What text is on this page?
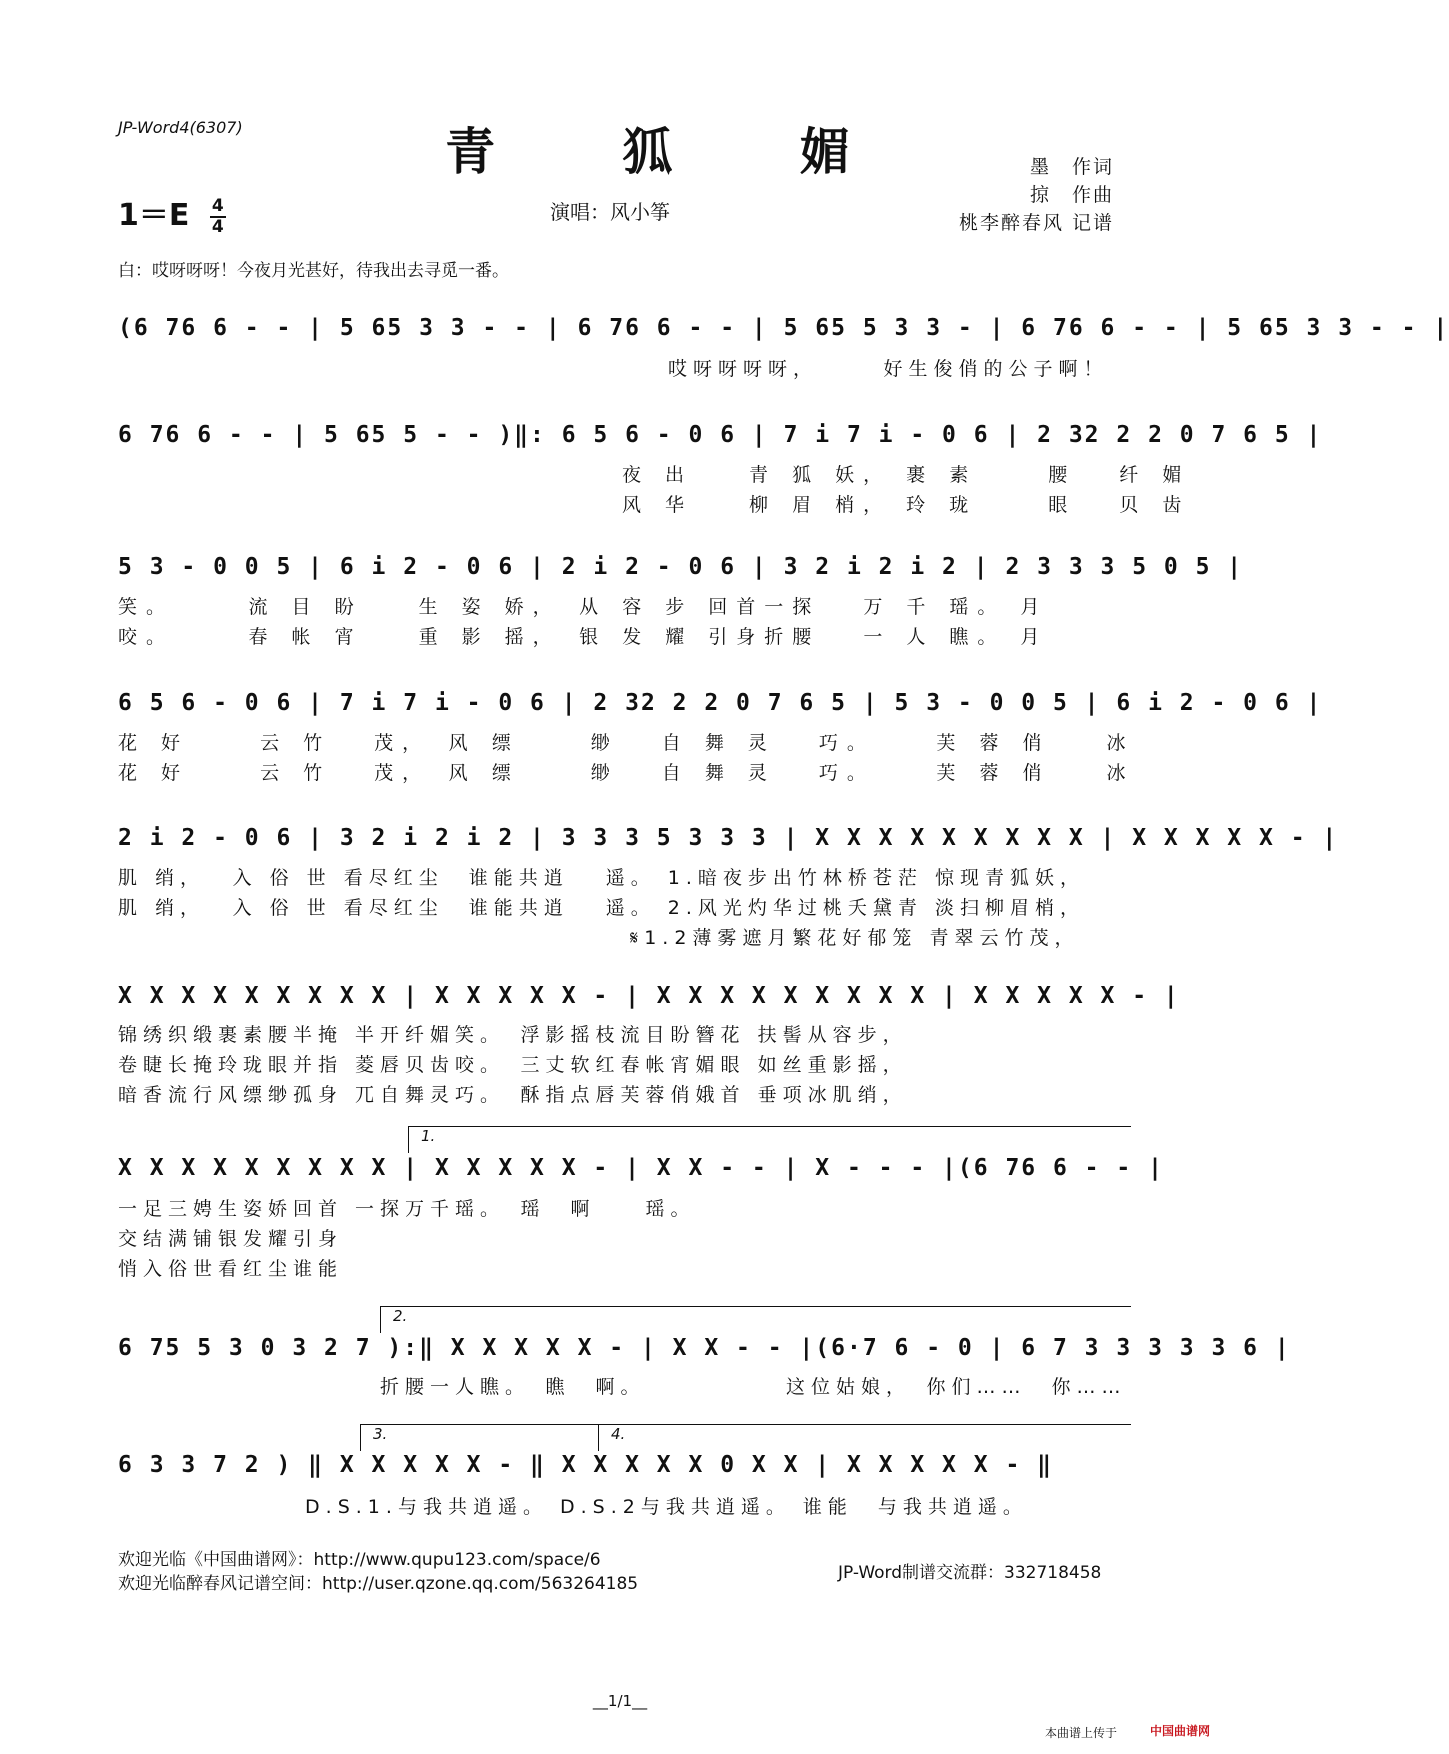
JP-Word4(6307)	青 狐 媚
$1=E \frac{4}{4}$	演唱：风小筝
墨　作词
掠　作曲
桃李醉春风 记谱
白：哎呀呀呀！今夜月光甚好，待我出去寻觅一番。
(6 76 6 - - | 5 65 3 3 - - | 6 76 6 - - | 5 65 5 3 3 - | 6 76 6 - - | 5 65 3 3 - - |
　　　　　　　　　　　　　　　　　　　　　　哎呀呀呀呀，　　　好生俊俏的公子啊！
6 76 6 - - | 5 65 5 - - )‖: 6 5 6 - 0 6 | 7 i 7 i - 0 6 | 2 32 2 2 0 7 6 5 |
　　　　　　　　　　　　　　　　　　夜 出　　青 狐 妖， 裹 素　　 腰　 纤 媚
　　　　　　　　　　　　　　　　　　风 华　　柳 眉 梢， 玲 珑　　 眼　 贝 齿
5 3 - 0 0 5 | 6 i 2 - 0 6 | 2 i 2 - 0 6 | 3 2 i 2 i 2 | 2 3 3 3 5 0 5 |
笑。　　　流 目 盼　　生 姿 娇，　从 容 步 回首一探　 万 千 瑶。 月
咬。　　　春 帐 宵　　重 影 摇，　银 发 耀 引身折腰　 一 人 瞧。 月
6 5 6 - 0 6 | 7 i 7 i - 0 6 | 2 32 2 2 0 7 6 5 | 5 3 - 0 0 5 | 6 i 2 - 0 6 |
花 好　　 云 竹　 茂，　风 缥　　 缈　 自 舞 灵　 巧。　　 芙 蓉 俏　　冰
花 好　　 云 竹　 茂，　风 缥　　 缈　 自 舞 灵　 巧。　　 芙 蓉 俏　　冰
2 i 2 - 0 6 | 3 2 i 2 i 2 | 3 3 3 5 3 3 3 | X X X X X X X X X | X X X X X - |
肌 绡，　 入 俗 世 看尽红尘　谁能共逍　 遥。 1.暗夜步出竹林桥苍茫 惊现青狐妖，
肌 绡，　 入 俗 世 看尽红尘　谁能共逍　 遥。 2.风光灼华过桃夭黛青 淡扫柳眉梢，
　　　　　　　　　　　　　　　　　　　　 𝄋1.2薄雾遮月繁花好郁笼 青翠云竹茂，
X X X X X X X X X | X X X X X - | X X X X X X X X X | X X X X X - |
锦绣织缎裹素腰半掩 半开纤媚笑。　浮影摇枝流目盼簪花 扶髻从容步，
卷睫长掩玲珑眼并指 菱唇贝齿咬。　三丈软红春帐宵媚眼 如丝重影摇，
暗香流行风缥缈孤身 兀自舞灵巧。　酥指点唇芙蓉俏娥首 垂项冰肌绡，
1.
X X X X X X X X X | X X X X X - | X X - - | X - - - |(6 76 6 - - |
一足三娉生姿娇回首 一探万千瑶。　瑶　啊　　瑶。
交结满铺银发耀引身
悄入俗世看红尘谁能
2.
6 75 5 3 0 3 2 7 ):‖ X X X X X - | X X - - |(6·7 6 - 0 | 6 7 3 3 3 3 3 6 |
　　　　　　　　　　 折腰一人瞧。　瞧　啊。　　　　　　这位姑娘，　你们……　你……
3.	4.
6 3 3 7 2 ) ‖ X X X X X - ‖ X X X X X 0 X X | X X X X X - ‖
　　　　　　　 D.S.1.与我共逍遥。 D.S.2与我共逍遥。 谁能　与我共逍遥。
欢迎光临《中国曲谱网》：http://www.qupu123.com/space/6
欢迎光临醉春风记谱空间：http://user.qzone.qq.com/563264185
JP-Word制谱交流群：332718458
__1/1__
本曲谱上传于	中国曲谱网
